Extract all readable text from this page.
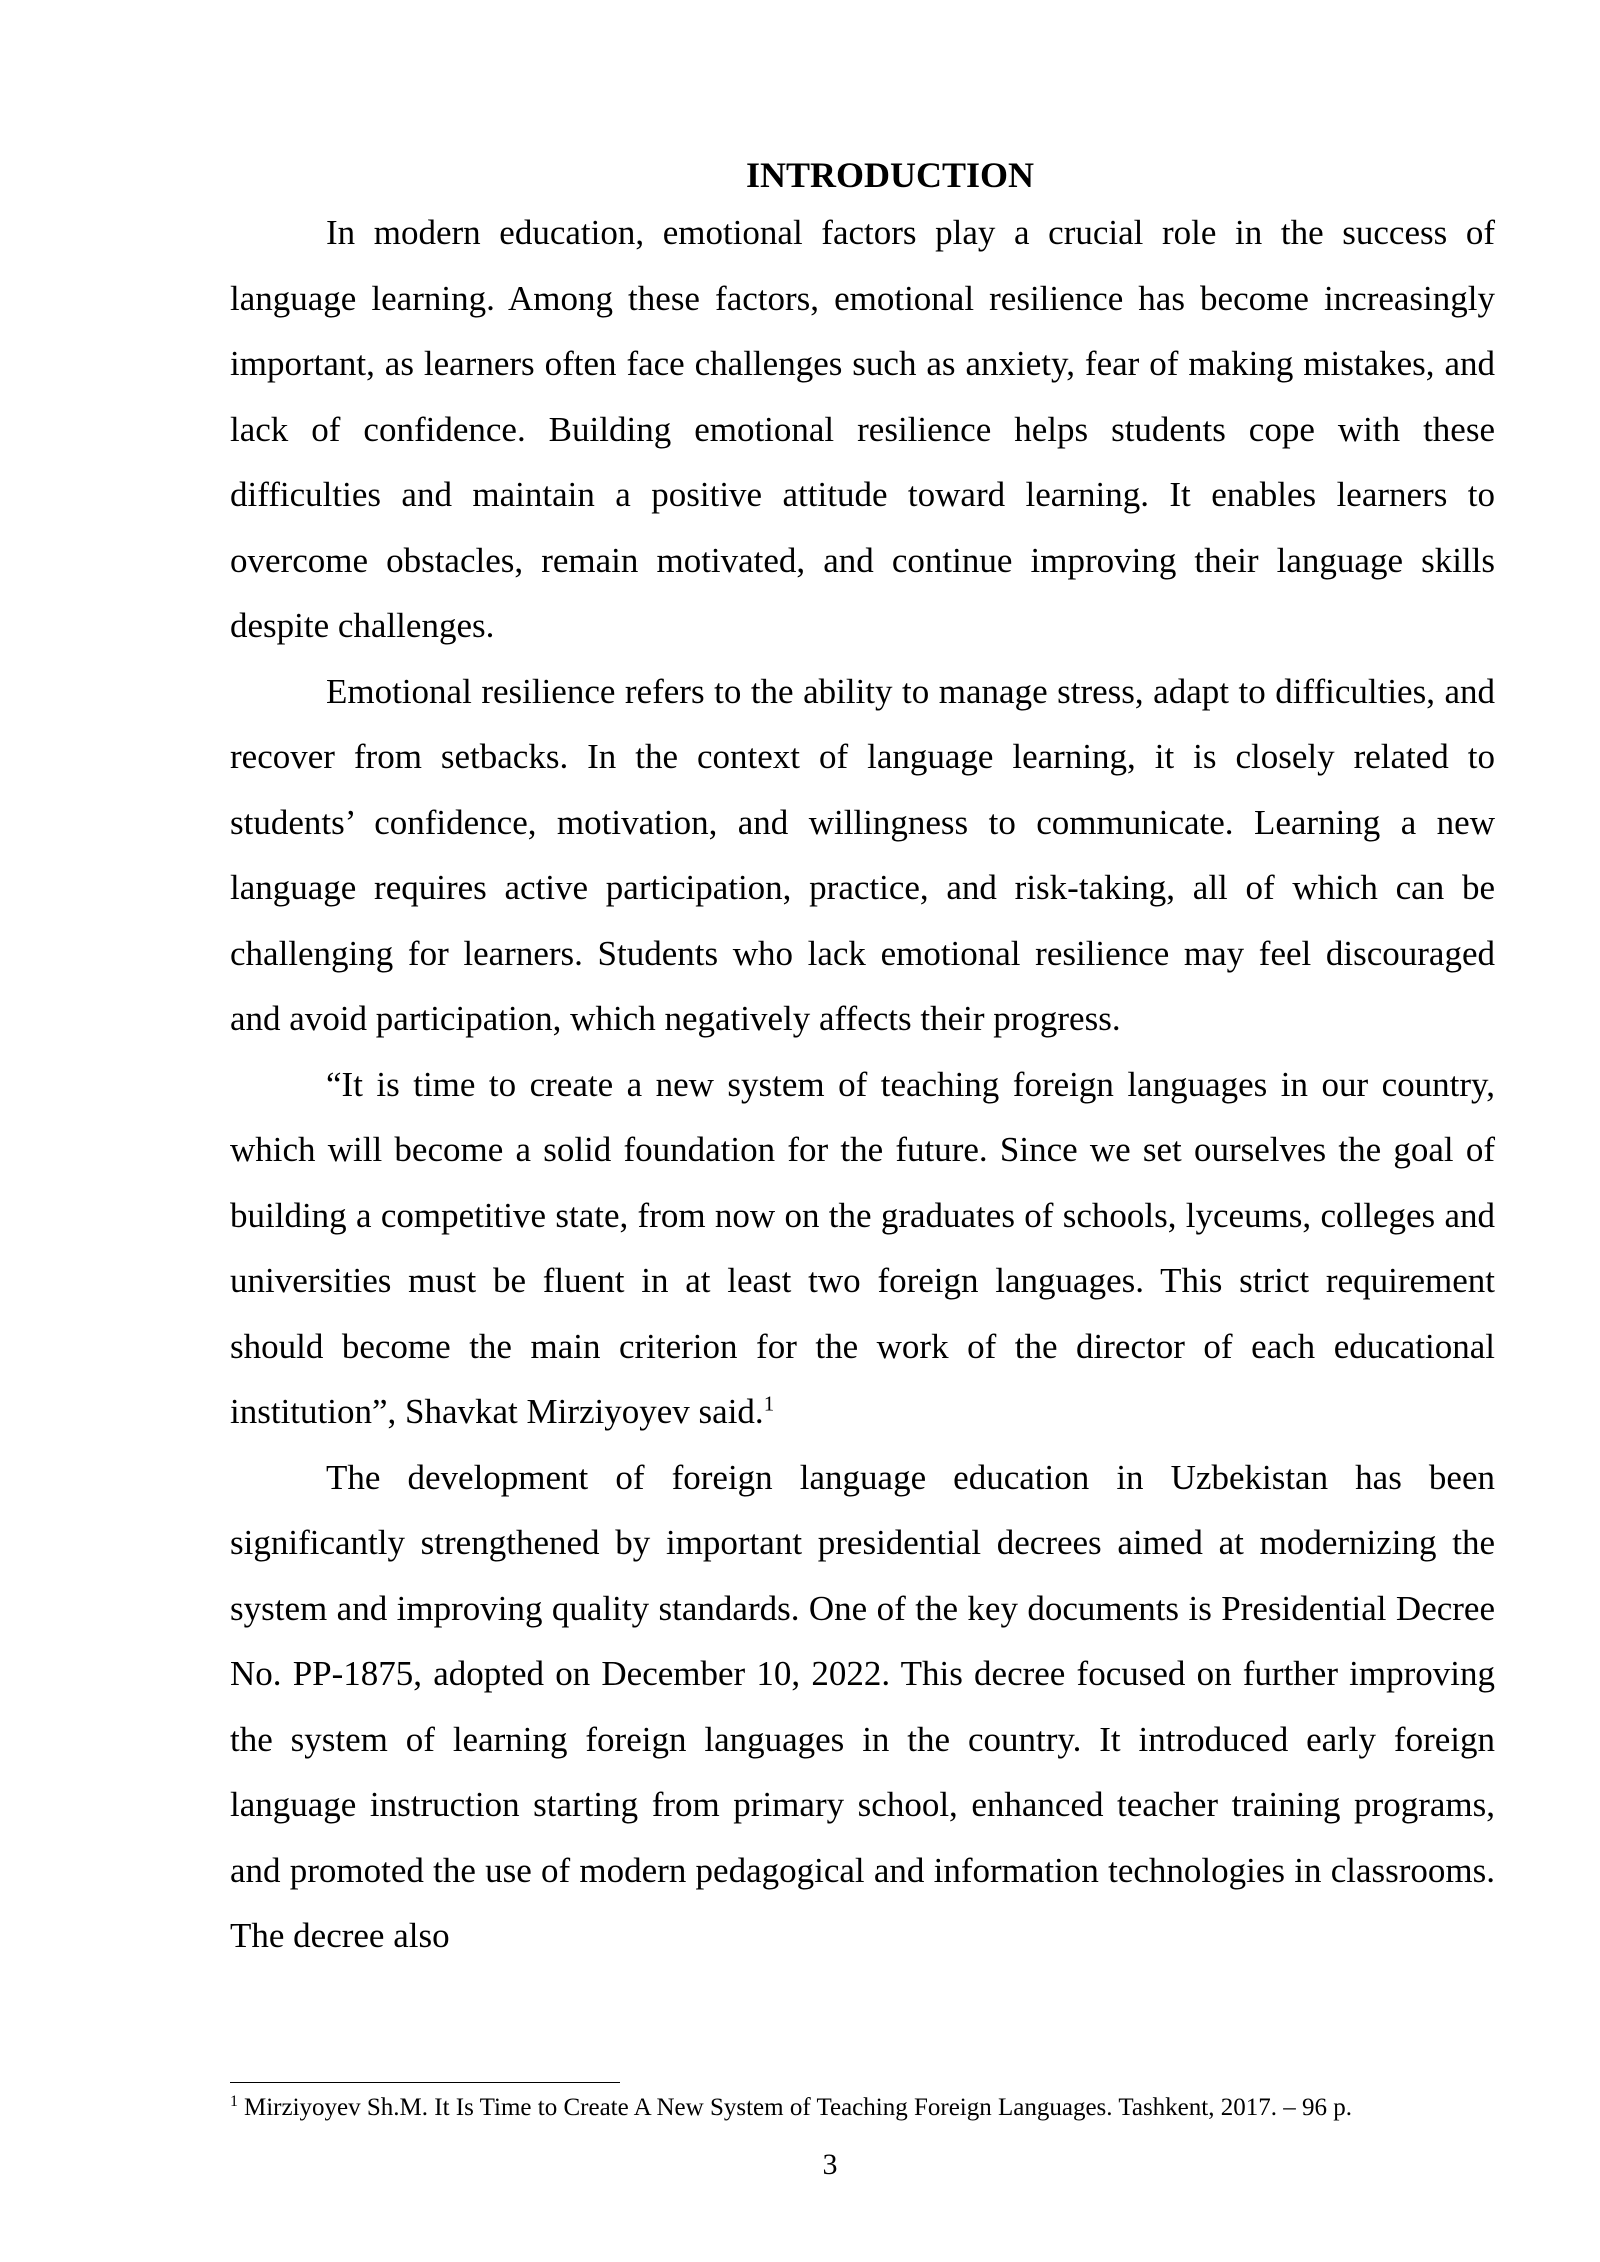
INTRODUCTION

In modern education, emotional factors play a crucial role in the success of language learning. Among these factors, emotional resilience has become increasingly important, as learners often face challenges such as anxiety, fear of making mistakes, and lack of confidence. Building emotional resilience helps students cope with these difficulties and maintain a positive attitude toward learning. It enables learners to overcome obstacles, remain motivated, and continue improving their language skills despite challenges.

Emotional resilience refers to the ability to manage stress, adapt to difficulties, and recover from setbacks. In the context of language learning, it is closely related to students’ confidence, motivation, and willingness to communicate. Learning a new language requires active participation, practice, and risk-taking, all of which can be challenging for learners. Students who lack emotional resilience may feel discouraged and avoid participation, which negatively affects their progress.

“It is time to create a new system of teaching foreign languages in our country, which will become a solid foundation for the future. Since we set ourselves the goal of building a competitive state, from now on the graduates of schools, lyceums, colleges and universities must be fluent in at least two foreign languages. This strict requirement should become the main criterion for the work of the director of each educational institution”, Shavkat Mirziyoyev said.$^1$

The development of foreign language education in Uzbekistan has been significantly strengthened by important presidential decrees aimed at modernizing the system and improving quality standards. One of the key documents is Presidential Decree No. PP-1875, adopted on December 10, 2022. This decree focused on further improving the system of learning foreign languages in the country. It introduced early foreign language instruction starting from primary school, enhanced teacher training programs, and promoted the use of modern pedagogical and information technologies in classrooms. The decree also

$^1$ Mirziyoyev Sh.M. It Is Time to Create A New System of Teaching Foreign Languages. Tashkent, 2017. – 96 p.

3
